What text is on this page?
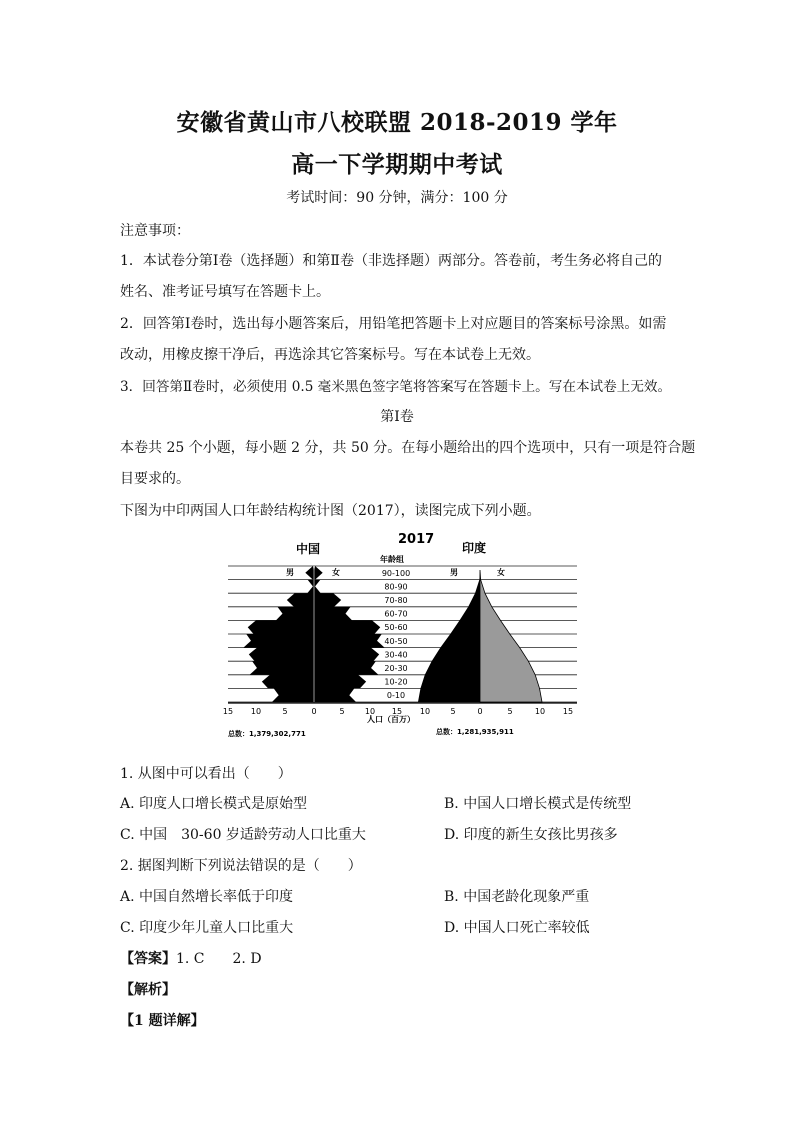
安徽省黄山市八校联盟 2018-2019 学年
高一下学期期中考试
考试时间：90 分钟，满分：100 分
注意事项：
1．本试卷分第Ⅰ卷（选择题）和第Ⅱ卷（非选择题）两部分。答卷前，考生务必将自己的
姓名、准考证号填写在答题卡上。
2．回答第Ⅰ卷时，选出每小题答案后，用铅笔把答题卡上对应题目的答案标号涂黑。如需
改动，用橡皮擦干净后，再选涂其它答案标号。写在本试卷上无效。
3．回答第Ⅱ卷时，必须使用 0.5 毫米黑色签字笔将答案写在答题卡上。写在本试卷上无效。
第Ⅰ卷
本卷共 25 个小题，每小题 2 分，共 50 分。在每小题给出的四个选项中，只有一项是符合题
目要求的。
下图为中印两国人口年龄结构统计图（2017），读图完成下列小题。
中国
2017
年龄组
印度
0-10
10-20
20-30
30-40
40-50
50-60
60-70
70-80
80-90
90-100
15 10	5	0	5	10 15 10	5	0	5	10 15
男	女	男	女
人口（百万）
总数：1,379,302,771	总数：1,281,935,911
1. 从图中可以看出（　　）
A. 印度人口增长模式是原始型	B. 中国人口增长模式是传统型
C. 中国　30-60 岁适龄劳动人口比重大	D. 印度的新生女孩比男孩多
2. 据图判断下列说法错误的是（　　）
A. 中国自然增长率低于印度	B. 中国老龄化现象严重
C. 印度少年儿童人口比重大	D. 中国人口死亡率较低
【答案】1. C　　2. D
【解析】
【1 题详解】
